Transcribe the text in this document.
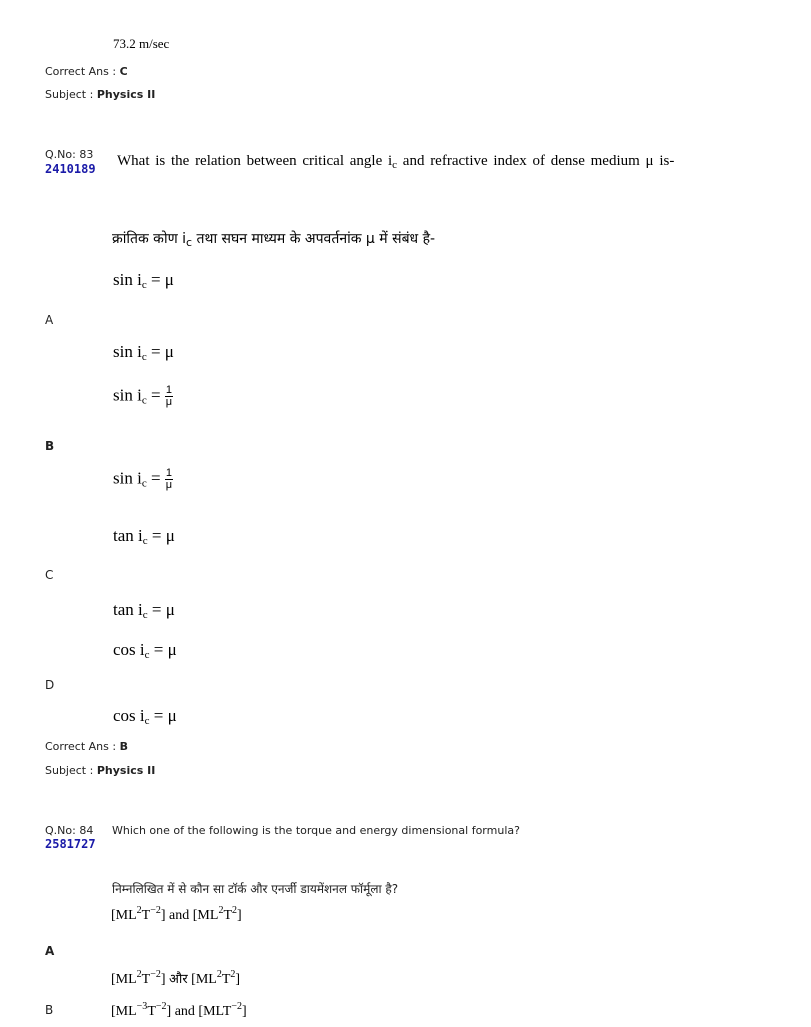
73.2 m/sec
Correct Ans : C
Subject : Physics II
Q.No: 83
2410189 What is the relation between critical angle $i_c$ and refractive index of dense medium μ is-
क्रांतिक कोण $i_c$ तथा सघन माध्यम के अपवर्तनांक μ में संबंध है-
$\sin i_c = \mu$
A
$\sin i_c = \mu$
$\sin i_c = \frac{1}{\mu}$
B
$\sin i_c = \frac{1}{\mu}$
$\tan i_c = \mu$
C
$\tan i_c = \mu$
$\cos i_c = \mu$
D
$\cos i_c = \mu$
Correct Ans : B
Subject : Physics II
Q.No: 84
2581727
Which one of the following is the torque and energy dimensional formula?
निम्नलिखित में से कौन सा टॉर्क और एनर्जी डायमेंशनल फॉर्मूला है?
$[ML^2T^{-2}]$ and $[ML^2T^2]$
A
$[ML^2T^{-2}]$ और $[ML^2T^2]$
B	$[ML^{-3}T^{-2}]$ and $[MLT^{-2}]$
